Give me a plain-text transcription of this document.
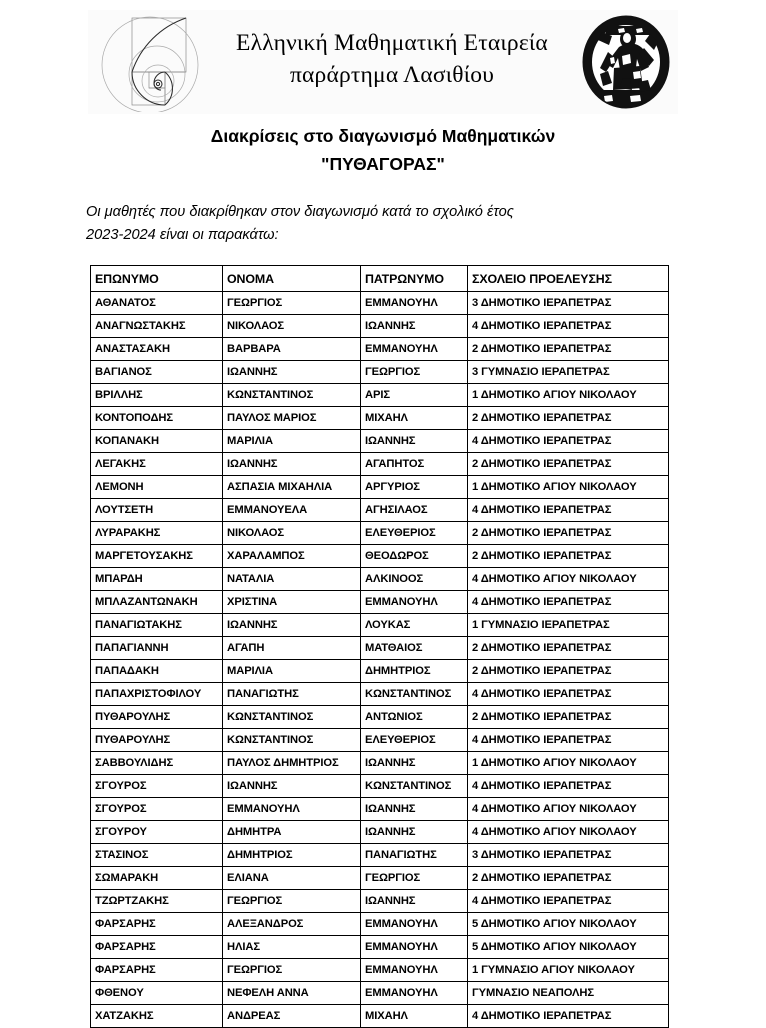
Ελληνική Μαθηματική Εταιρεία
παράρτημα Λασιθίου
Διακρίσεις στο διαγωνισμό Μαθηματικών
"ΠΥΘΑΓΟΡΑΣ"
Οι μαθητές που διακρίθηκαν στον διαγωνισμό κατά το σχολικό έτος
2023-2024 είναι οι παρακάτω:
ΕΠΩΝΥΜΟ	ΟΝΟΜΑ	ΠΑΤΡΩΝΥΜΟ	ΣΧΟΛΕΙΟ ΠΡΟΕΛΕΥΣΗΣ
ΑΘΑΝΑΤΟΣ	ΓΕΩΡΓΙΟΣ	ΕΜΜΑΝΟΥΗΛ	3 ΔΗΜΟΤΙΚΟ ΙΕΡΑΠΕΤΡΑΣ
ΑΝΑΓΝΩΣΤΑΚΗΣ	ΝΙΚΟΛΑΟΣ	ΙΩΑΝΝΗΣ	4 ΔΗΜΟΤΙΚΟ ΙΕΡΑΠΕΤΡΑΣ
ΑΝΑΣΤΑΣΑΚΗ	ΒΑΡΒΑΡΑ	ΕΜΜΑΝΟΥΗΛ	2 ΔΗΜΟΤΙΚΟ ΙΕΡΑΠΕΤΡΑΣ
ΒΑΓΙΑΝΟΣ	ΙΩΑΝΝΗΣ	ΓΕΩΡΓΙΟΣ	3 ΓΥΜΝΑΣΙΟ ΙΕΡΑΠΕΤΡΑΣ
ΒΡΙΛΛΗΣ	ΚΩΝΣΤΑΝΤΙΝΟΣ	ΑΡΙΣ	1 ΔΗΜΟΤΙΚΟ ΑΓΙΟΥ ΝΙΚΟΛΑΟΥ
ΚΟΝΤΟΠΟΔΗΣ	ΠΑΥΛΟΣ ΜΑΡΙΟΣ	ΜΙΧΑΗΛ	2 ΔΗΜΟΤΙΚΟ ΙΕΡΑΠΕΤΡΑΣ
ΚΟΠΑΝΑΚΗ	ΜΑΡΙΛΙΑ	ΙΩΑΝΝΗΣ	4 ΔΗΜΟΤΙΚΟ ΙΕΡΑΠΕΤΡΑΣ
ΛΕΓΑΚΗΣ	ΙΩΑΝΝΗΣ	ΑΓΑΠΗΤΟΣ	2 ΔΗΜΟΤΙΚΟ ΙΕΡΑΠΕΤΡΑΣ
ΛΕΜΟΝΗ	ΑΣΠΑΣΙΑ ΜΙΧΑΗΛΙΑ	ΑΡΓΥΡΙΟΣ	1 ΔΗΜΟΤΙΚΟ ΑΓΙΟΥ ΝΙΚΟΛΑΟΥ
ΛΟΥΤΣΕΤΗ	ΕΜΜΑΝΟΥΕΛΑ	ΑΓΗΣΙΛΑΟΣ	4 ΔΗΜΟΤΙΚΟ ΙΕΡΑΠΕΤΡΑΣ
ΛΥΡΑΡΑΚΗΣ	ΝΙΚΟΛΑΟΣ	ΕΛΕΥΘΕΡΙΟΣ	2 ΔΗΜΟΤΙΚΟ ΙΕΡΑΠΕΤΡΑΣ
ΜΑΡΓΕΤΟΥΣΑΚΗΣ	ΧΑΡΑΛΑΜΠΟΣ	ΘΕΟΔΩΡΟΣ	2 ΔΗΜΟΤΙΚΟ ΙΕΡΑΠΕΤΡΑΣ
ΜΠΑΡΔΗ	ΝΑΤΑΛΙΑ	ΑΛΚΙΝΟΟΣ	4 ΔΗΜΟΤΙΚΟ ΑΓΙΟΥ ΝΙΚΟΛΑΟΥ
ΜΠΛΑΖΑΝΤΩΝΑΚΗ	ΧΡΙΣΤΙΝΑ	ΕΜΜΑΝΟΥΗΛ	4 ΔΗΜΟΤΙΚΟ ΙΕΡΑΠΕΤΡΑΣ
ΠΑΝΑΓΙΩΤΑΚΗΣ	ΙΩΑΝΝΗΣ	ΛΟΥΚΑΣ	1 ΓΥΜΝΑΣΙΟ ΙΕΡΑΠΕΤΡΑΣ
ΠΑΠΑΓΙΑΝΝΗ	ΑΓΑΠΗ	ΜΑΤΘΑΙΟΣ	2 ΔΗΜΟΤΙΚΟ ΙΕΡΑΠΕΤΡΑΣ
ΠΑΠΑΔΑΚΗ	ΜΑΡΙΛΙΑ	ΔΗΜΗΤΡΙΟΣ	2 ΔΗΜΟΤΙΚΟ ΙΕΡΑΠΕΤΡΑΣ
ΠΑΠΑΧΡΙΣΤΟΦΙΛΟΥ	ΠΑΝΑΓΙΩΤΗΣ	ΚΩΝΣΤΑΝΤΙΝΟΣ	4 ΔΗΜΟΤΙΚΟ ΙΕΡΑΠΕΤΡΑΣ
ΠΥΘΑΡΟΥΛΗΣ	ΚΩΝΣΤΑΝΤΙΝΟΣ	ΑΝΤΩΝΙΟΣ	2 ΔΗΜΟΤΙΚΟ ΙΕΡΑΠΕΤΡΑΣ
ΠΥΘΑΡΟΥΛΗΣ	ΚΩΝΣΤΑΝΤΙΝΟΣ	ΕΛΕΥΘΕΡΙΟΣ	4 ΔΗΜΟΤΙΚΟ ΙΕΡΑΠΕΤΡΑΣ
ΣΑΒΒΟΥΛΙΔΗΣ	ΠΑΥΛΟΣ ΔΗΜΗΤΡΙΟΣ	ΙΩΑΝΝΗΣ	1 ΔΗΜΟΤΙΚΟ ΑΓΙΟΥ ΝΙΚΟΛΑΟΥ
ΣΓΟΥΡΟΣ	ΙΩΑΝΝΗΣ	ΚΩΝΣΤΑΝΤΙΝΟΣ	4 ΔΗΜΟΤΙΚΟ ΙΕΡΑΠΕΤΡΑΣ
ΣΓΟΥΡΟΣ	ΕΜΜΑΝΟΥΗΛ	ΙΩΑΝΝΗΣ	4 ΔΗΜΟΤΙΚΟ ΑΓΙΟΥ ΝΙΚΟΛΑΟΥ
ΣΓΟΥΡΟΥ	ΔΗΜΗΤΡΑ	ΙΩΑΝΝΗΣ	4 ΔΗΜΟΤΙΚΟ ΑΓΙΟΥ ΝΙΚΟΛΑΟΥ
ΣΤΑΣΙΝΟΣ	ΔΗΜΗΤΡΙΟΣ	ΠΑΝΑΓΙΩΤΗΣ	3 ΔΗΜΟΤΙΚΟ ΙΕΡΑΠΕΤΡΑΣ
ΣΩΜΑΡΑΚΗ	ΕΛΙΑΝΑ	ΓΕΩΡΓΙΟΣ	2 ΔΗΜΟΤΙΚΟ ΙΕΡΑΠΕΤΡΑΣ
ΤΖΩΡΤΖΑΚΗΣ	ΓΕΩΡΓΙΟΣ	ΙΩΑΝΝΗΣ	4 ΔΗΜΟΤΙΚΟ ΙΕΡΑΠΕΤΡΑΣ
ΦΑΡΣΑΡΗΣ	ΑΛΕΞΑΝΔΡΟΣ	ΕΜΜΑΝΟΥΗΛ	5 ΔΗΜΟΤΙΚΟ ΑΓΙΟΥ ΝΙΚΟΛΑΟΥ
ΦΑΡΣΑΡΗΣ	ΗΛΙΑΣ	ΕΜΜΑΝΟΥΗΛ	5 ΔΗΜΟΤΙΚΟ ΑΓΙΟΥ ΝΙΚΟΛΑΟΥ
ΦΑΡΣΑΡΗΣ	ΓΕΩΡΓΙΟΣ	ΕΜΜΑΝΟΥΗΛ	1 ΓΥΜΝΑΣΙΟ ΑΓΙΟΥ ΝΙΚΟΛΑΟΥ
ΦΘΕΝΟΥ	ΝΕΦΕΛΗ ΑΝΝΑ	ΕΜΜΑΝΟΥΗΛ	ΓΥΜΝΑΣΙΟ ΝΕΑΠΟΛΗΣ
ΧΑΤΖΑΚΗΣ	ΑΝΔΡΕΑΣ	ΜΙΧΑΗΛ	4 ΔΗΜΟΤΙΚΟ ΙΕΡΑΠΕΤΡΑΣ
